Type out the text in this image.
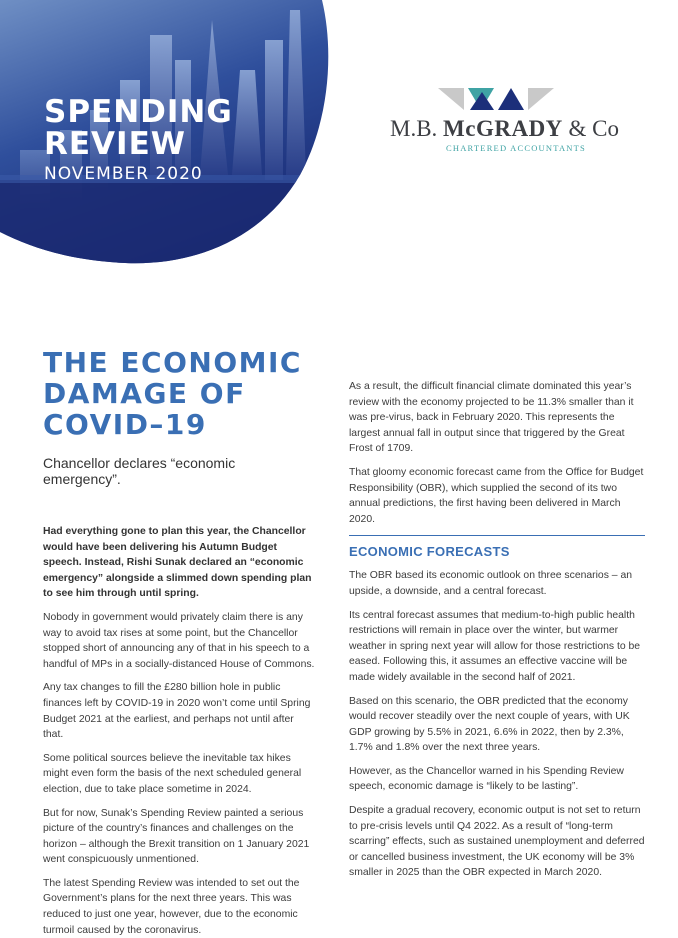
SPENDING
REVIEW
NOVEMBER 2020
M.B. McGRADY & Co
CHARTERED ACCOUNTANTS
THE ECONOMIC
DAMAGE OF
COVID–19
Chancellor declares “economic emergency”.

Had everything gone to plan this year, the Chancellor would have been delivering his Autumn Budget speech. Instead, Rishi Sunak declared an “economic emergency” alongside a slimmed down spending plan to see him through until spring.

Nobody in government would privately claim there is any way to avoid tax rises at some point, but the Chancellor stopped short of announcing any of that in his speech to a handful of MPs in a socially-distanced House of Commons.

Any tax changes to fill the £280 billion hole in public finances left by COVID-19 in 2020 won’t come until Spring Budget 2021 at the earliest, and perhaps not until after that.

Some political sources believe the inevitable tax hikes might even form the basis of the next scheduled general election, due to take place sometime in 2024.

But for now, Sunak’s Spending Review painted a serious picture of the country’s finances and challenges on the horizon – although the Brexit transition on 1 January 2021 went conspicuously unmentioned.

The latest Spending Review was intended to set out the Government’s plans for the next three years. This was reduced to just one year, however, due to the economic turmoil caused by the coronavirus.

As a result, the difficult financial climate dominated this year’s review with the economy projected to be 11.3% smaller than it was pre-virus, back in February 2020. This represents the largest annual fall in output since that triggered by the Great Frost of 1709.

That gloomy economic forecast came from the Office for Budget Responsibility (OBR), which supplied the second of its two annual predictions, the first having been delivered in March 2020.

ECONOMIC FORECASTS

The OBR based its economic outlook on three scenarios – an upside, a downside, and a central forecast.

Its central forecast assumes that medium-to-high public health restrictions will remain in place over the winter, but warmer weather in spring next year will allow for those restrictions to be eased. Following this, it assumes an effective vaccine will be made widely available in the second half of 2021.

Based on this scenario, the OBR predicted that the economy would recover steadily over the next couple of years, with UK GDP growing by 5.5% in 2021, 6.6% in 2022, then by 2.3%, 1.7% and 1.8% over the next three years.

However, as the Chancellor warned in his Spending Review speech, economic damage is “likely to be lasting”.

Despite a gradual recovery, economic output is not set to return to pre-crisis levels until Q4 2022. As a result of “long-term scarring” effects, such as sustained unemployment and deferred or cancelled business investment, the UK economy will be 3% smaller in 2025 than the OBR expected in March 2020.
